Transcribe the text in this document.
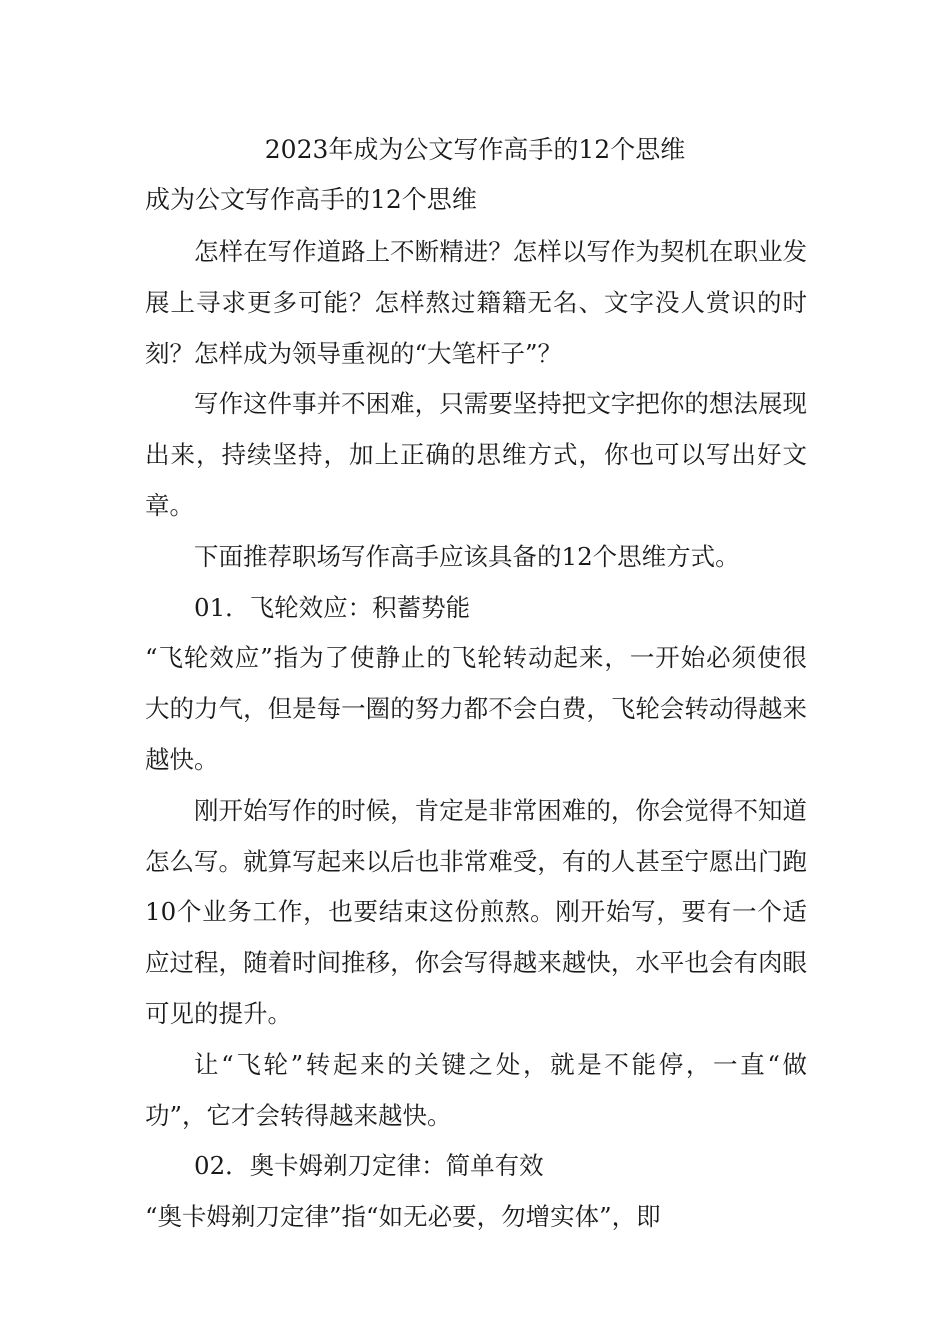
2023年成为公文写作高手的12个思维
成为公文写作高手的12个思维

怎样在写作道路上不断精进？怎样以写作为契机在职业发展上寻求更多可能？怎样熬过籍籍无名、文字没人赏识的时刻？怎样成为领导重视的“大笔杆子”？

写作这件事并不困难，只需要坚持把文字把你的想法展现出来，持续坚持，加上正确的思维方式，你也可以写出好文章。

下面推荐职场写作高手应该具备的12个思维方式。

01．飞轮效应：积蓄势能

“飞轮效应”指为了使静止的飞轮转动起来，一开始必须使很大的力气，但是每一圈的努力都不会白费，飞轮会转动得越来越快。

刚开始写作的时候，肯定是非常困难的，你会觉得不知道怎么写。就算写起来以后也非常难受，有的人甚至宁愿出门跑10个业务工作，也要结束这份煎熬。刚开始写，要有一个适应过程，随着时间推移，你会写得越来越快，水平也会有肉眼可见的提升。

让“飞轮”转起来的关键之处，就是不能停，一直“做功”，它才会转得越来越快。

02．奥卡姆剃刀定律：简单有效

“奥卡姆剃刀定律”指“如无必要，勿增实体”，即
